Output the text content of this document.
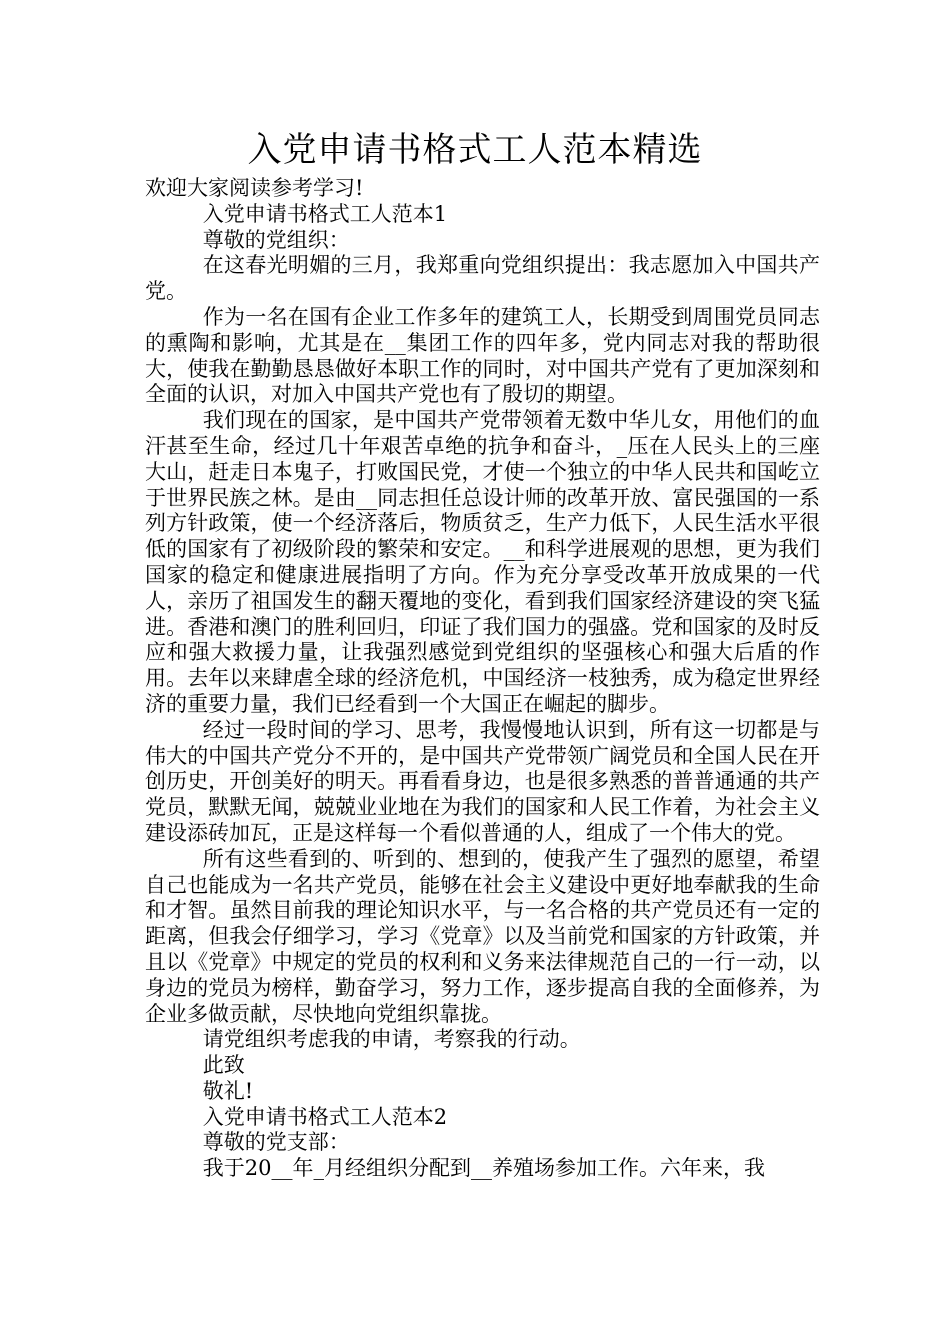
入党申请书格式工人范本精选

欢迎大家阅读参考学习!

入党申请书格式工人范本1

尊敬的党组织：

在这春光明媚的三月，我郑重向党组织提出：我志愿加入中国共产党。

作为一名在国有企业工作多年的建筑工人，长期受到周围党员同志的熏陶和影响，尤其是在__集团工作的四年多，党内同志对我的帮助很大，使我在勤勤恳恳做好本职工作的同时，对中国共产党有了更加深刻和全面的认识，对加入中国共产党也有了殷切的期望。

我们现在的国家，是中国共产党带领着无数中华儿女，用他们的血汗甚至生命，经过几十年艰苦卓绝的抗争和奋斗，_压在人民头上的三座大山，赶走日本鬼子，打败国民党，才使一个独立的中华人民共和国屹立于世界民族之林。是由__同志担任总设计师的改革开放、富民强国的一系列方针政策，使一个经济落后，物质贫乏，生产力低下，人民生活水平很低的国家有了初级阶段的繁荣和安定。__和科学进展观的思想，更为我们国家的稳定和健康进展指明了方向。作为充分享受改革开放成果的一代人，亲历了祖国发生的翻天覆地的变化，看到我们国家经济建设的突飞猛进。香港和澳门的胜利回归，印证了我们国力的强盛。党和国家的及时反应和强大救援力量，让我强烈感觉到党组织的坚强核心和强大后盾的作用。去年以来肆虐全球的经济危机，中国经济一枝独秀，成为稳定世界经济的重要力量，我们已经看到一个大国正在崛起的脚步。

经过一段时间的学习、思考，我慢慢地认识到，所有这一切都是与伟大的中国共产党分不开的，是中国共产党带领广阔党员和全国人民在开创历史，开创美好的明天。再看看身边，也是很多熟悉的普普通通的共产党员，默默无闻，兢兢业业地在为我们的国家和人民工作着，为社会主义建设添砖加瓦，正是这样每一个看似普通的人，组成了一个伟大的党。

所有这些看到的、听到的、想到的，使我产生了强烈的愿望，希望自己也能成为一名共产党员，能够在社会主义建设中更好地奉献我的生命和才智。虽然目前我的理论知识水平，与一名合格的共产党员还有一定的距离，但我会仔细学习，学习《党章》以及当前党和国家的方针政策，并且以《党章》中规定的党员的权利和义务来法律规范自己的一行一动，以身边的党员为榜样，勤奋学习，努力工作，逐步提高自我的全面修养，为企业多做贡献，尽快地向党组织靠拢。

请党组织考虑我的申请，考察我的行动。

此致

敬礼!

入党申请书格式工人范本2

尊敬的党支部：

我于20__年_月经组织分配到__养殖场参加工作。六年来，我
